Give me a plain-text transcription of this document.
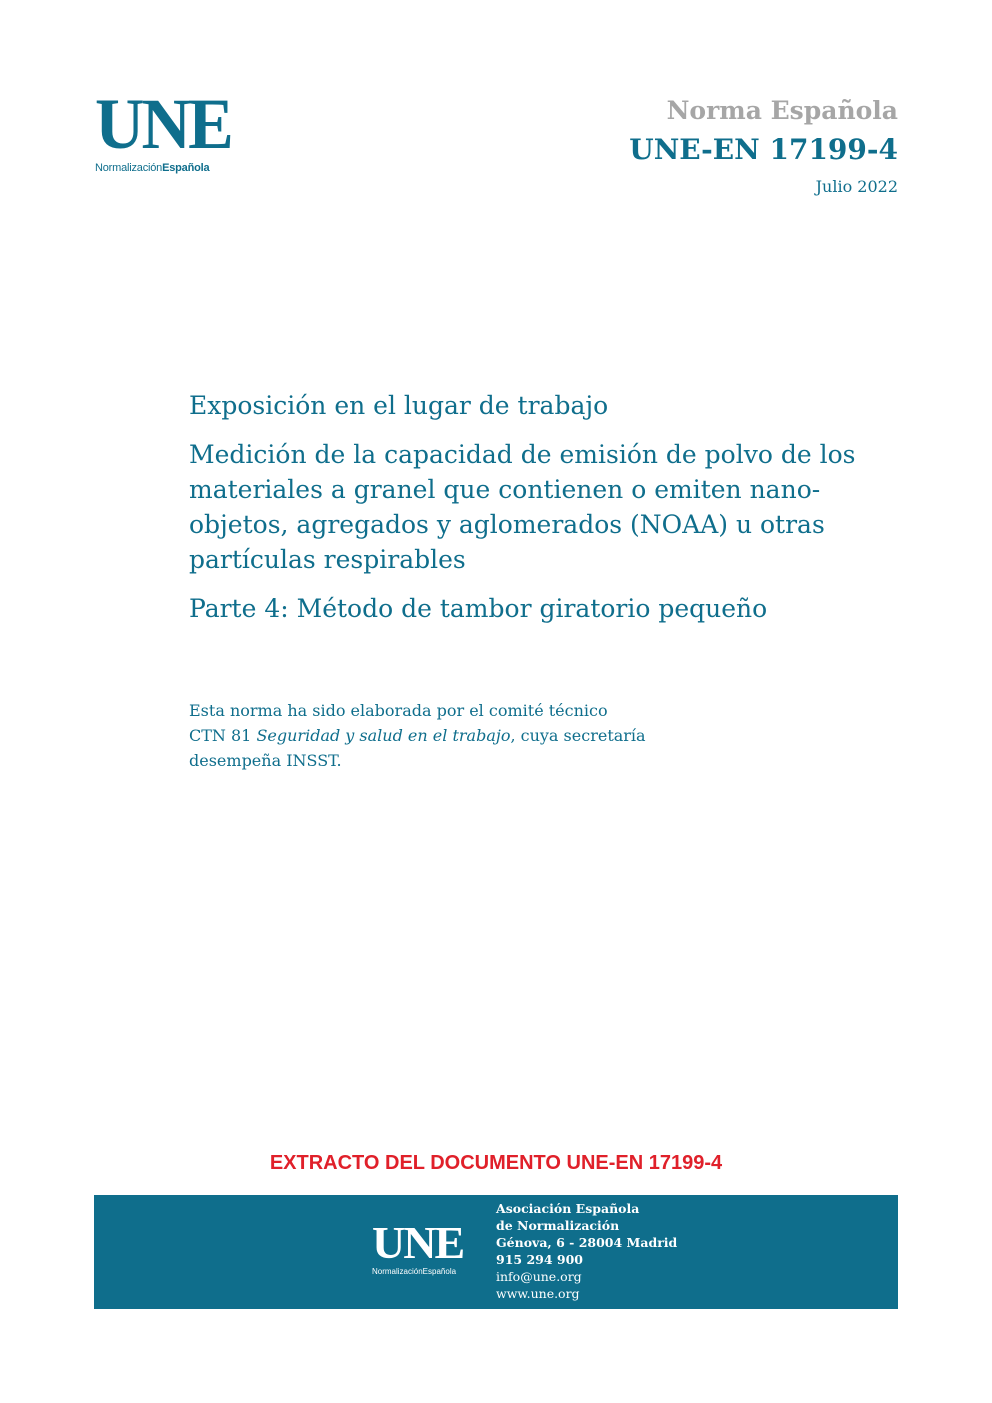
UNE
NormalizaciónEspañola
Norma Española
UNE-EN 17199-4
Julio 2022

Exposición en el lugar de trabajo

Medición de la capacidad de emisión de polvo de los materiales a granel que contienen o emiten nano-objetos, agregados y aglomerados (NOAA) u otras partículas respirables

Parte 4: Método de tambor giratorio pequeño

Esta norma ha sido elaborada por el comité técnico

CTN 81 Seguridad y salud en el trabajo, cuya secretaría

desempeña INSST.

EXTRACTO DEL DOCUMENTO UNE-EN 17199-4
UNE
NormalizaciónEspañola
Asociación Española
de Normalización
Génova, 6 - 28004 Madrid
915 294 900
info@une.org
www.une.org
